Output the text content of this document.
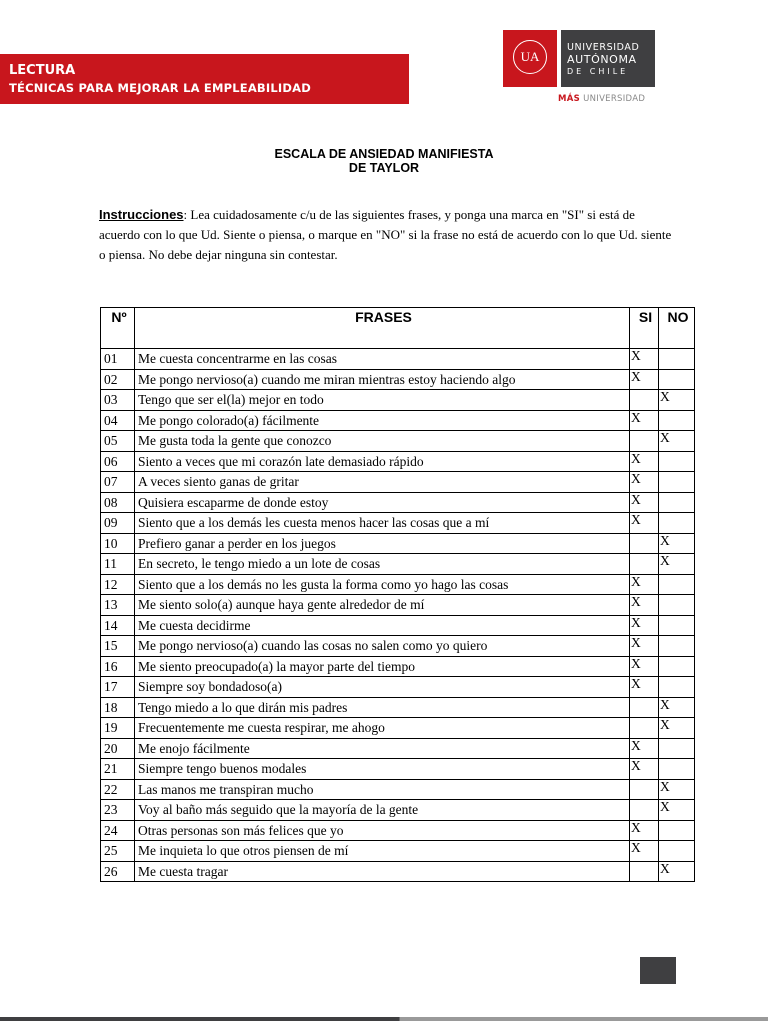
LECTURA
TÉCNICAS PARA MEJORAR LA EMPLEABILIDAD
UA
UNIVERSIDAD
AUTÓNOMA
DE CHILE
MÁS UNIVERSIDAD
ESCALA DE ANSIEDAD MANIFIESTA
DE TAYLOR
Instrucciones: Lea cuidadosamente c/u de las siguientes frases, y ponga una marca en "SI" si está de acuerdo con lo que Ud. Siente o piensa, o marque en "NO" si la frase no está de acuerdo con lo que Ud. siente o piensa. No debe dejar ninguna sin contestar.
Nº	FRASES	SI	NO
01	Me cuesta concentrarme en las cosas	X	
02	Me pongo nervioso(a) cuando me miran mientras estoy haciendo algo	X	
03	Tengo que ser el(la) mejor en todo		X
04	Me pongo colorado(a) fácilmente	X	
05	Me gusta toda la gente que conozco		X
06	Siento a veces que mi corazón late demasiado rápido	X	
07	A veces siento ganas de gritar	X	
08	Quisiera escaparme de donde estoy	X	
09	Siento que a los demás les cuesta menos hacer las cosas que a mí	X	
10	Prefiero ganar a perder en los juegos		X
11	En secreto, le tengo miedo a un lote de cosas		X
12	Siento que a los demás no les gusta la forma como yo hago las cosas	X	
13	Me siento solo(a) aunque haya gente alrededor de mí	X	
14	Me cuesta decidirme	X	
15	Me pongo nervioso(a) cuando las cosas no salen como yo quiero	X	
16	Me siento preocupado(a) la mayor parte del tiempo	X	
17	Siempre soy bondadoso(a)	X	
18	Tengo miedo a lo que dirán mis padres		X
19	Frecuentemente me cuesta respirar, me ahogo		X
20	Me enojo fácilmente	X	
21	Siempre tengo buenos modales	X	
22	Las manos me transpiran mucho		X
23	Voy al baño más seguido que la mayoría de la gente		X
24	Otras personas son más felices que yo	X	
25	Me inquieta lo que otros piensen de mí	X	
26	Me cuesta tragar		X
